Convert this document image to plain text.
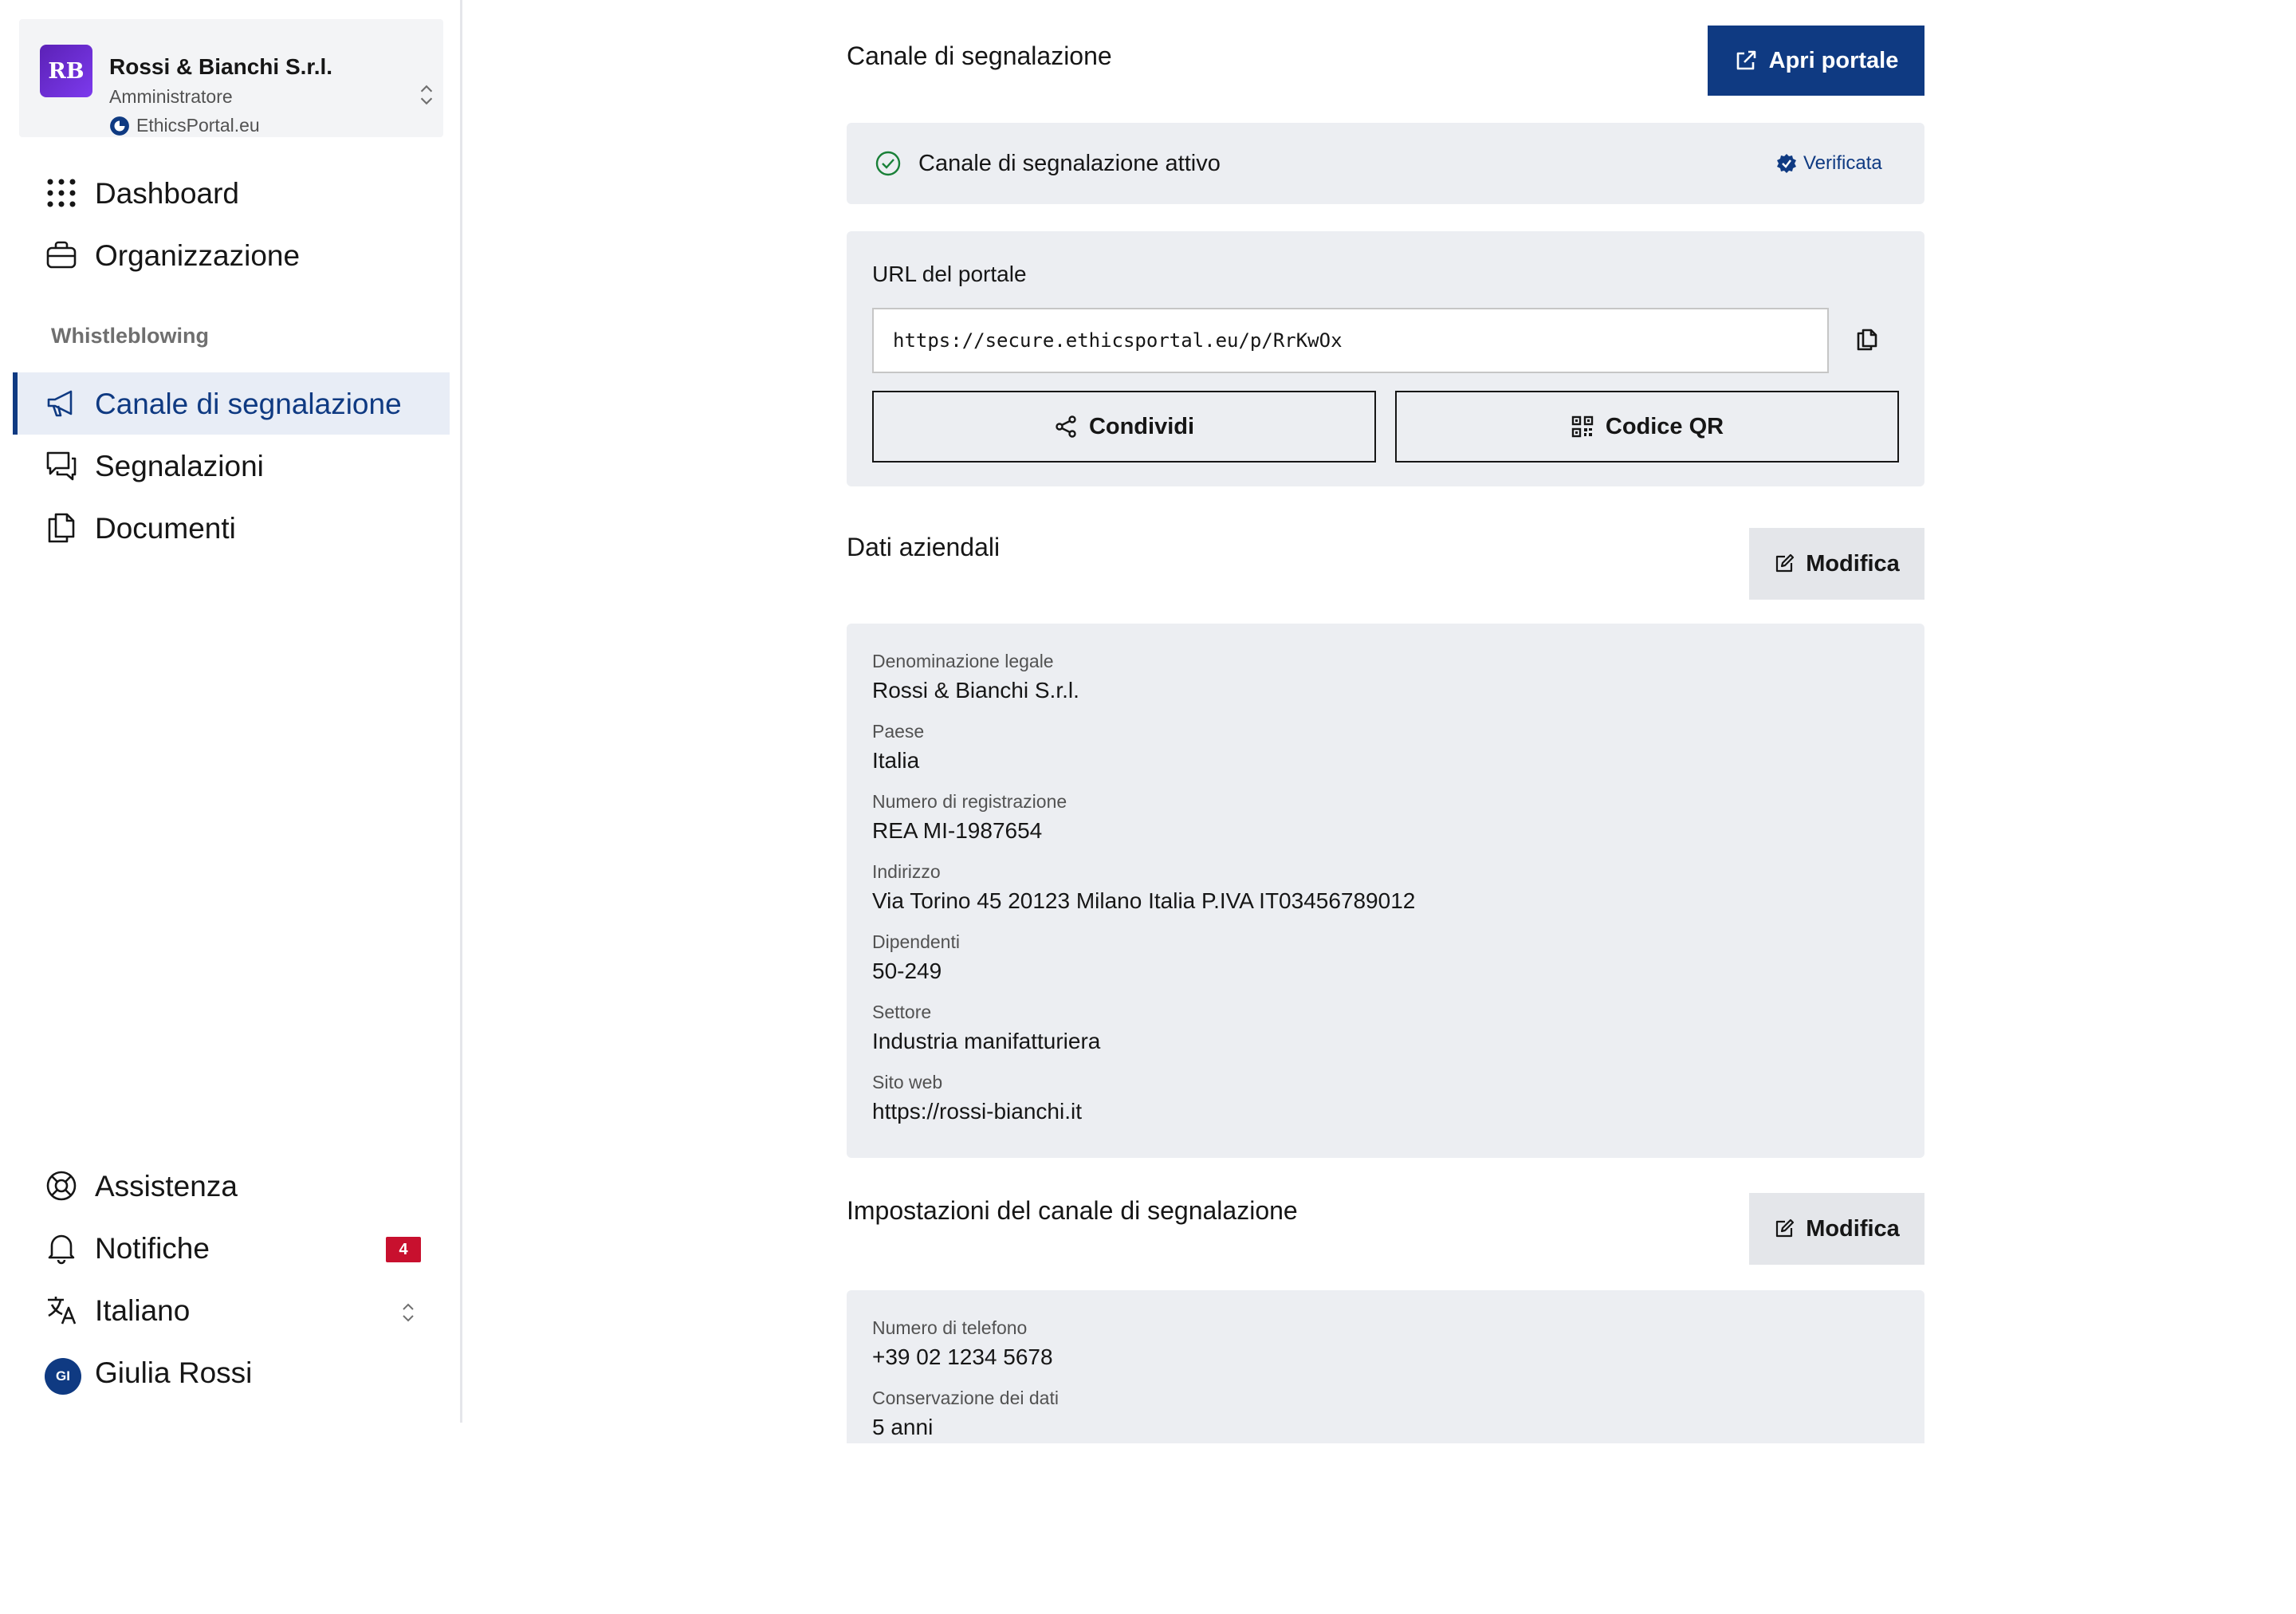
RB	Rossi & Bianchi S.r.l.
Amministratore
EthicsPortal.eu
Dashboard
Organizzazione
Whistleblowing
Canale di segnalazione
Segnalazioni
Documenti
Assistenza
Notifiche	4
Italiano
Giulia Rossi
GI
Canale di segnalazione	Apri portale
Canale di segnalazione attivo	Verificata
URL del portale
https://secure.ethicsportal.eu/p/RrKwOx
Condividi	Codice QR
Dati aziendali
Modifica
Denominazione legale
Rossi & Bianchi S.r.l.
Paese
Italia
Numero di registrazione
REA MI-1987654
Indirizzo
Via Torino 45 20123 Milano Italia P.IVA IT03456789012
Dipendenti
50-249
Settore
Industria manifatturiera
Sito web
https://rossi-bianchi.it
Impostazioni del canale di segnalazione
Modifica
Numero di telefono
+39 02 1234 5678
Conservazione dei dati
5 anni
